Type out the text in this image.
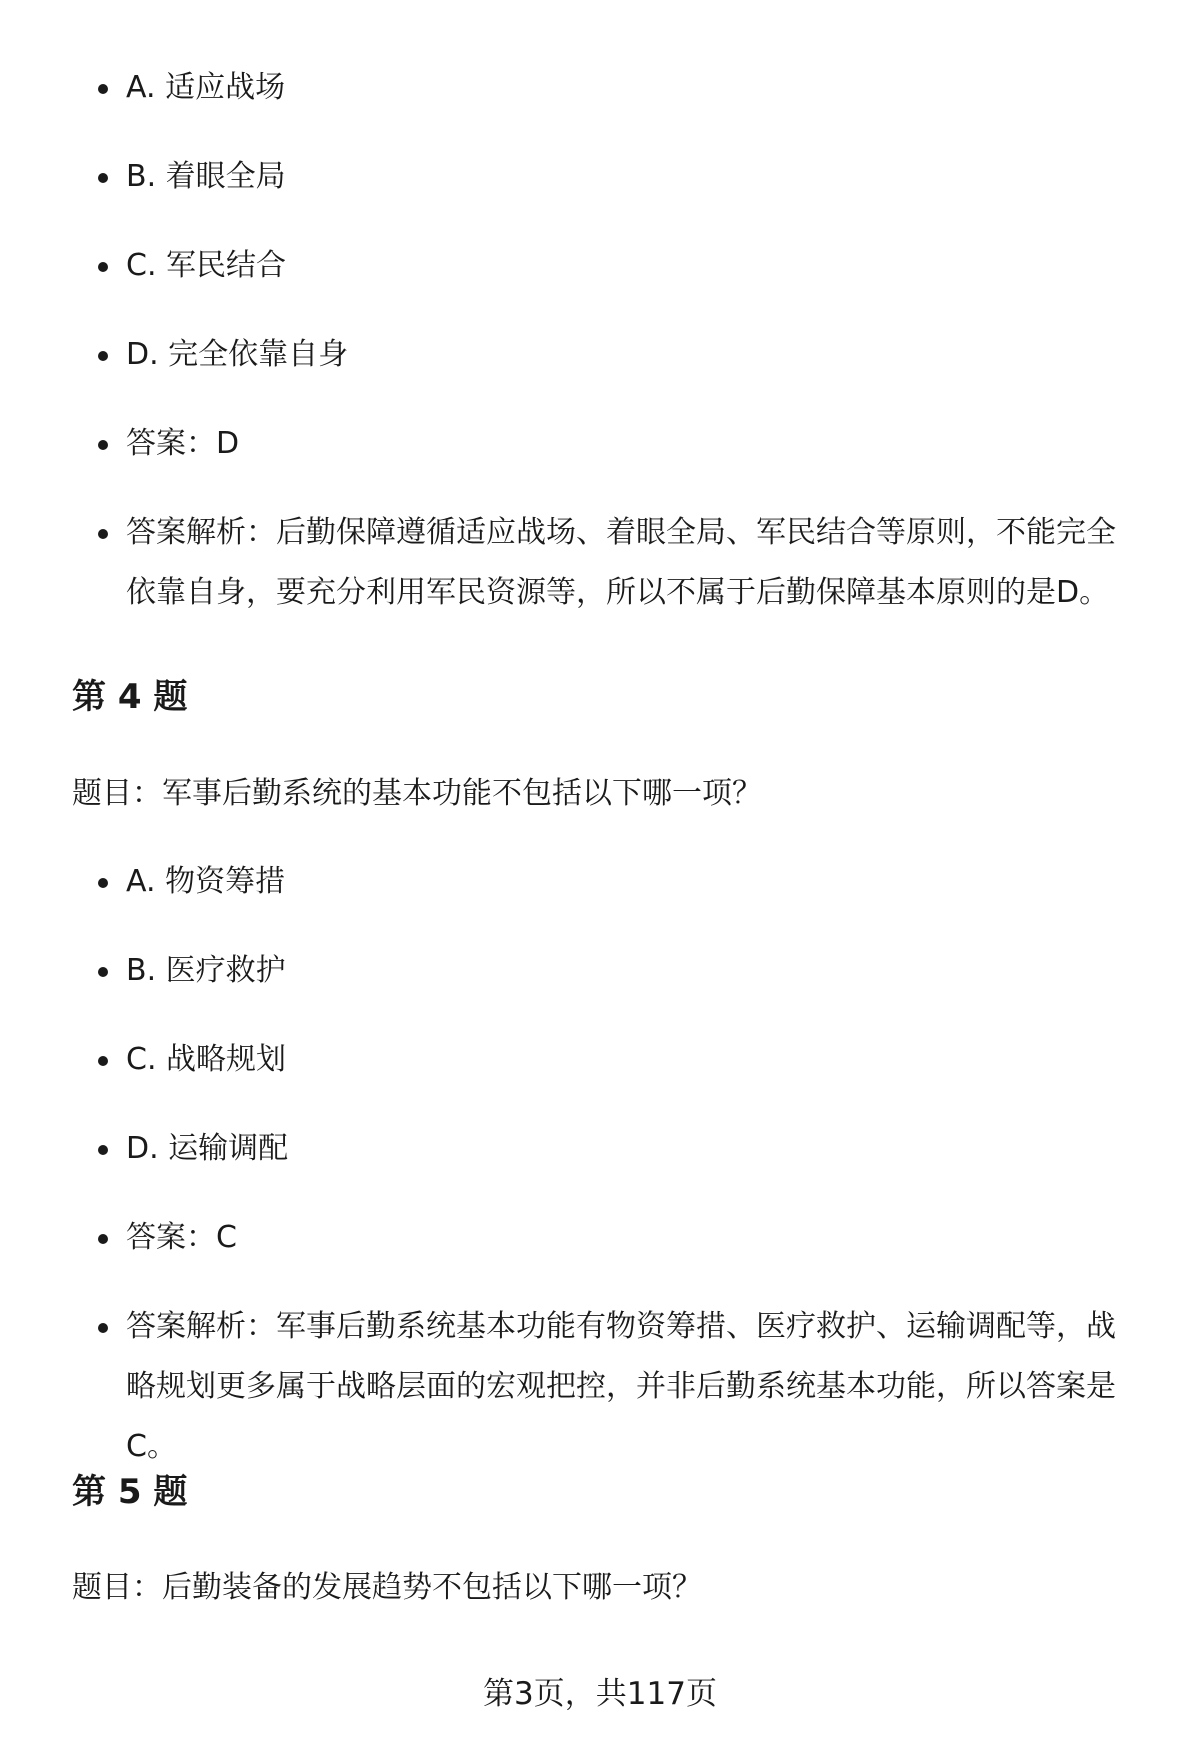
A. 适应战场
B. 着眼全局
C. 军民结合
D. 完全依靠自身
答案：D
答案解析：后勤保障遵循适应战场、着眼全局、军民结合等原则，不能完全依靠自身，要充分利用军民资源等，所以不属于后勤保障基本原则的是D。
第 4 题
题目：军事后勤系统的基本功能不包括以下哪一项？
A. 物资筹措
B. 医疗救护
C. 战略规划
D. 运输调配
答案：C
答案解析：军事后勤系统基本功能有物资筹措、医疗救护、运输调配等，战略规划更多属于战略层面的宏观把控，并非后勤系统基本功能，所以答案是C。
第 5 题
题目：后勤装备的发展趋势不包括以下哪一项？
第3页，共117页
